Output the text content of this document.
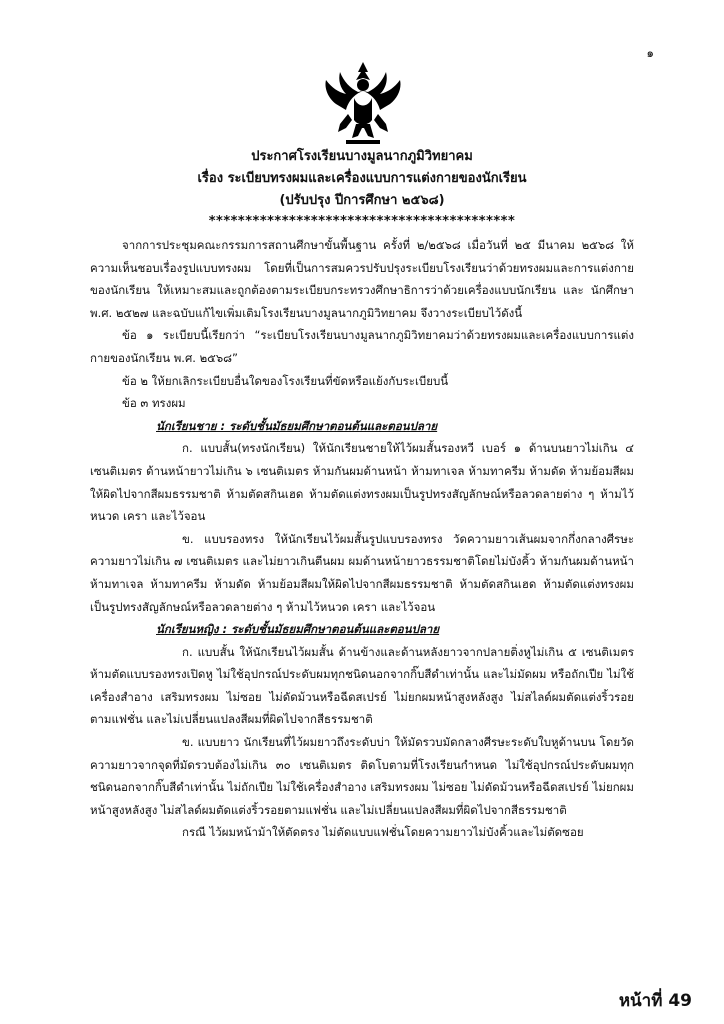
๑
ประกาศโรงเรียนบางมูลนากภูมิวิทยาคม
เรื่อง ระเบียบทรงผมและเครื่องแบบการแต่งกายของนักเรียน
(ปรับปรุง ปีการศึกษา ๒๕๖๘)
******************************************

จากการประชุมคณะกรรมการสถานศึกษาขั้นพื้นฐาน ครั้งที่ ๒/๒๕๖๘ เมื่อวันที่ ๒๕ มีนาคม ๒๕๖๘ ให้ความเห็นชอบเรื่องรูปแบบทรงผม โดยที่เป็นการสมควรปรับปรุงระเบียบโรงเรียนว่าด้วยทรงผมและการแต่งกายของนักเรียน ให้เหมาะสมและถูกต้องตามระเบียบกระทรวงศึกษาธิการว่าด้วยเครื่องแบบนักเรียน และ นักศึกษา พ.ศ. ๒๕๒๗ และฉบับแก้ไขเพิ่มเติมโรงเรียนบางมูลนากภูมิวิทยาคม จึงวางระเบียบไว้ดังนี้

ข้อ ๑ ระเบียบนี้เรียกว่า “ระเบียบโรงเรียนบางมูลนากภูมิวิทยาคมว่าด้วยทรงผมและเครื่องแบบการแต่งกายของนักเรียน พ.ศ. ๒๕๖๘”

ข้อ ๒ ให้ยกเลิกระเบียบอื่นใดของโรงเรียนที่ขัดหรือแย้งกับระเบียบนี้

ข้อ ๓ ทรงผม

นักเรียนชาย : ระดับชั้นมัธยมศึกษาตอนต้นและตอนปลาย

ก. แบบสั้น(ทรงนักเรียน) ให้นักเรียนชายให้ไว้ผมสั้นรองหวี เบอร์ ๑ ด้านบนยาวไม่เกิน ๔ เซนติเมตร ด้านหน้ายาวไม่เกิน ๖ เซนติเมตร ห้ามกันผมด้านหน้า ห้ามทาเจล ห้ามทาครีม ห้ามดัด ห้ามย้อมสีผมให้ผิดไปจากสีผมธรรมชาติ ห้ามตัดสกินเฮด ห้ามตัดแต่งทรงผมเป็นรูปทรงสัญลักษณ์หรือลวดลายต่าง ๆ ห้ามไว้หนวด เครา และไว้จอน

ข. แบบรองทรง ให้นักเรียนไว้ผมสั้นรูปแบบรองทรง วัดความยาวเส้นผมจากกึ่งกลางศีรษะความยาวไม่เกิน ๗ เซนติเมตร และไม่ยาวเกินตีนผม ผมด้านหน้ายาวธรรมชาติโดยไม่บังคิ้ว ห้ามกันผมด้านหน้า ห้ามทาเจล ห้ามทาครีม ห้ามดัด ห้ามย้อมสีผมให้ผิดไปจากสีผมธรรมชาติ ห้ามตัดสกินเฮด ห้ามตัดแต่งทรงผมเป็นรูปทรงสัญลักษณ์หรือลวดลายต่าง ๆ ห้ามไว้หนวด เครา และไว้จอน

นักเรียนหญิง : ระดับชั้นมัธยมศึกษาตอนต้นและตอนปลาย

ก. แบบสั้น ให้นักเรียนไว้ผมสั้น ด้านข้างและด้านหลังยาวจากปลายติ่งหูไม่เกิน ๕ เซนติเมตร ห้ามตัดแบบรองทรงเปิดหู ไม่ใช้อุปกรณ์ประดับผมทุกชนิดนอกจากกิ๊บสีดำเท่านั้น และไม่มัดผม หรือถักเปีย ไม่ใช้เครื่องสำอาง เสริมทรงผม ไม่ซอย ไม่ดัดม้วนหรือฉีดสเปรย์ ไม่ยกผมหน้าสูงหลังสูง ไม่สไลด์ผมตัดแต่งริ้วรอยตามแฟชั่น และไม่เปลี่ยนแปลงสีผมที่ผิดไปจากสีธรรมชาติ

ข. แบบยาว นักเรียนที่ไว้ผมยาวถึงระดับบ่า ให้มัดรวบมัดกลางศีรษะระดับใบหูด้านบน โดยวัดความยาวจากจุดที่มัดรวบต้องไม่เกิน ๓๐ เซนติเมตร ติดโบตามที่โรงเรียนกำหนด ไม่ใช้อุปกรณ์ประดับผมทุกชนิดนอกจากกิ๊บสีดำเท่านั้น ไม่ถักเปีย ไม่ใช้เครื่องสำอาง เสริมทรงผม ไม่ซอย ไม่ดัดม้วนหรือฉีดสเปรย์ ไม่ยกผมหน้าสูงหลังสูง ไม่สไลด์ผมตัดแต่งริ้วรอยตามแฟชั่น และไม่เปลี่ยนแปลงสีผมที่ผิดไปจากสีธรรมชาติ

กรณี ไว้ผมหน้าม้าให้ตัดตรง ไม่ตัดแบบแฟชั่นโดยความยาวไม่บังคิ้วและไม่ตัดซอย

หน้าที่ 49
